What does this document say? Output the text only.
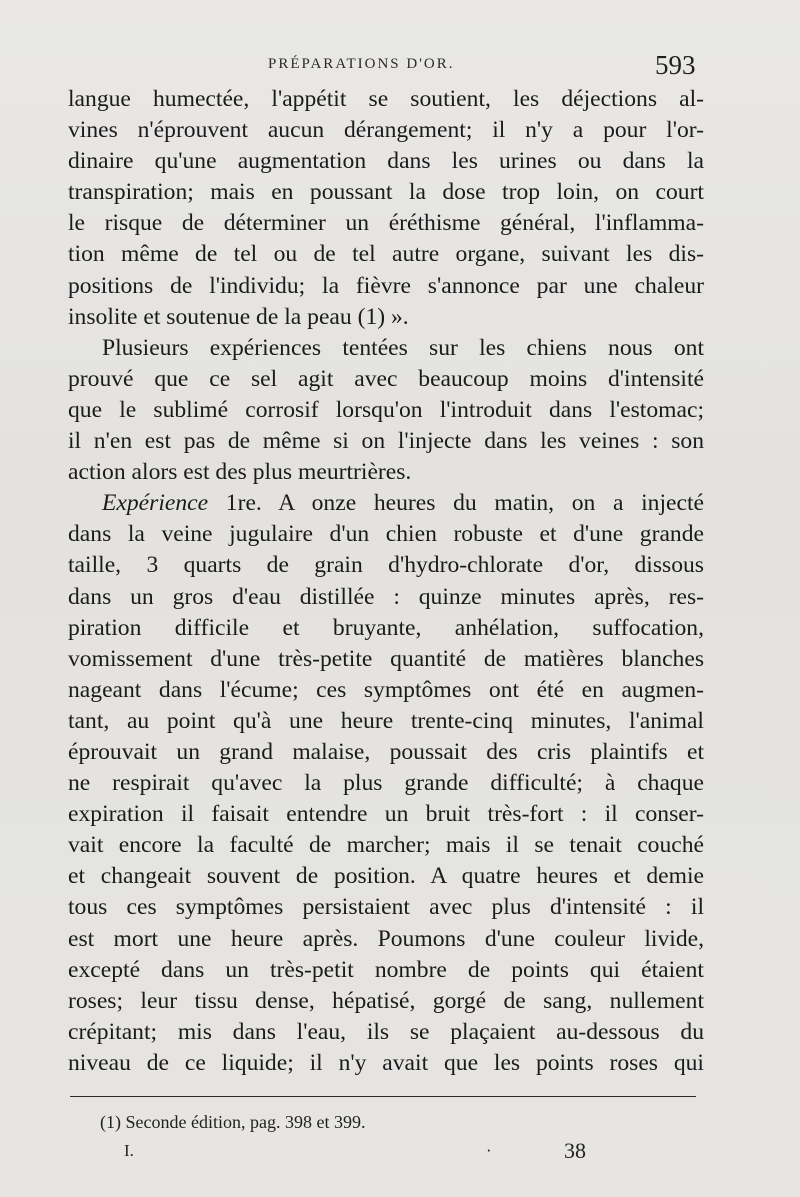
PRÉPARATIONS D'OR.	593
langue humectée, l'appétit se soutient, les déjections al-
vines n'éprouvent aucun dérangement; il n'y a pour l'or-
dinaire qu'une augmentation dans les urines ou dans la
transpiration; mais en poussant la dose trop loin, on court
le risque de déterminer un éréthisme général, l'inflamma-
tion même de tel ou de tel autre organe, suivant les dis-
positions de l'individu; la fièvre s'annonce par une chaleur
insolite et soutenue de la peau (1) ».
Plusieurs expériences tentées sur les chiens nous ont
prouvé que ce sel agit avec beaucoup moins d'intensité
que le sublimé corrosif lorsqu'on l'introduit dans l'estomac;
il n'en est pas de même si on l'injecte dans les veines : son
action alors est des plus meurtrières.
Expérience 1re. A onze heures du matin, on a injecté
dans la veine jugulaire d'un chien robuste et d'une grande
taille, 3 quarts de grain d'hydro-chlorate d'or, dissous
dans un gros d'eau distillée : quinze minutes après, res-
piration difficile et bruyante, anhélation, suffocation,
vomissement d'une très-petite quantité de matières blanches
nageant dans l'écume; ces symptômes ont été en augmen-
tant, au point qu'à une heure trente-cinq minutes, l'animal
éprouvait un grand malaise, poussait des cris plaintifs et
ne respirait qu'avec la plus grande difficulté; à chaque
expiration il faisait entendre un bruit très-fort : il conser-
vait encore la faculté de marcher; mais il se tenait couché
et changeait souvent de position. A quatre heures et demie
tous ces symptômes persistaient avec plus d'intensité : il
est mort une heure après. Poumons d'une couleur livide,
excepté dans un très-petit nombre de points qui étaient
roses; leur tissu dense, hépatisé, gorgé de sang, nullement
crépitant; mis dans l'eau, ils se plaçaient au-dessous du
niveau de ce liquide; il n'y avait que les points roses qui
(1) Seconde édition, pag. 398 et 399.
I.	·	38
